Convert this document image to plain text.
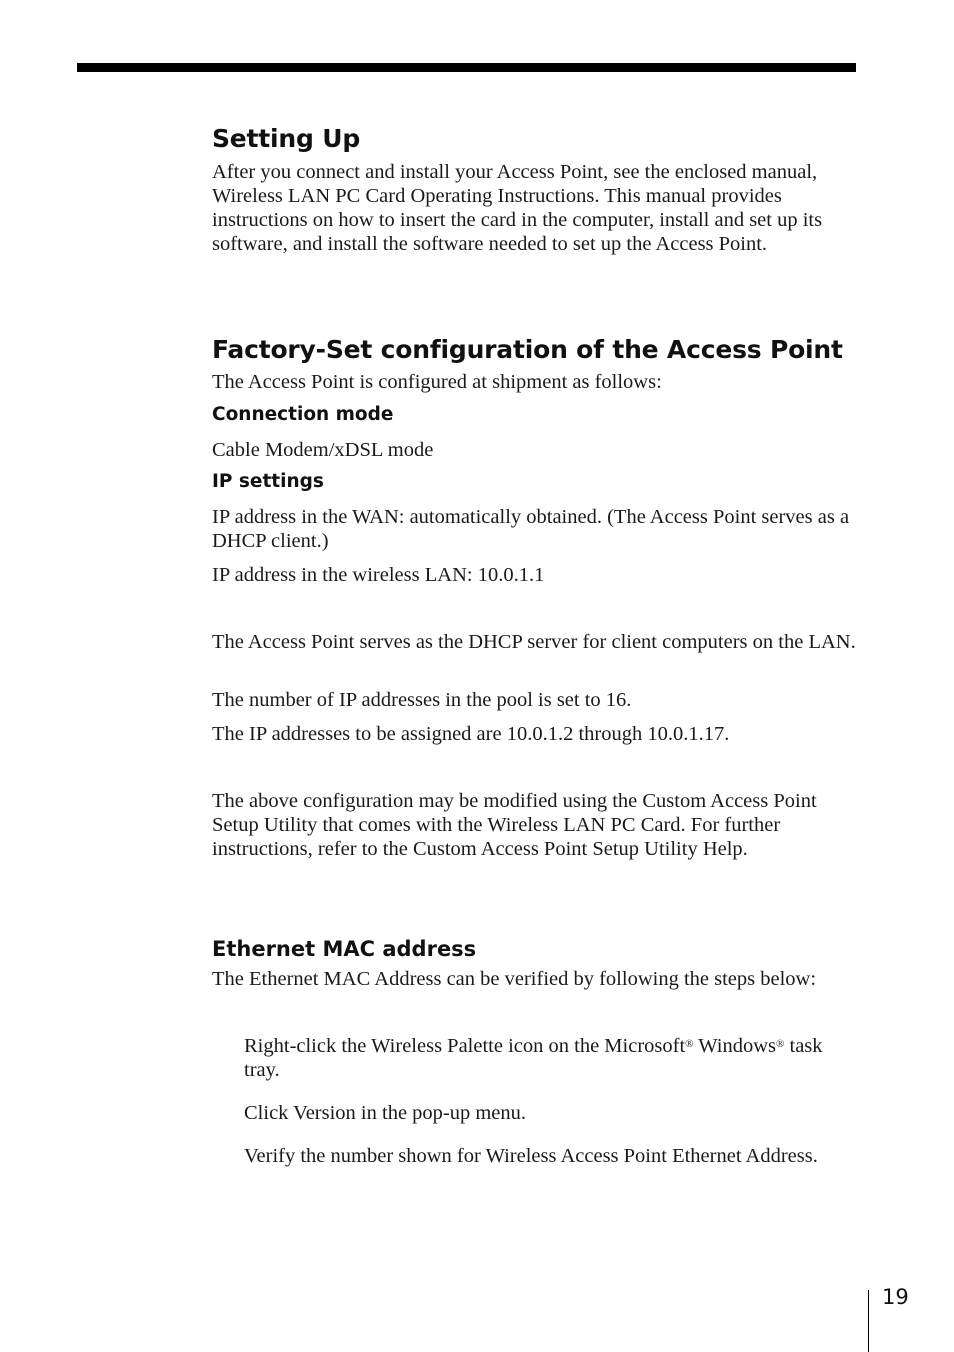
Setting Up

After you connect and install your Access Point, see the enclosed manual, Wireless LAN PC Card Operating Instructions. This manual provides instructions on how to insert the card in the computer, install and set up its software, and install the software needed to set up the Access Point.

Factory-Set configuration of the Access Point

The Access Point is configured at shipment as follows:

Connection mode

Cable Modem/xDSL mode

IP settings

IP address in the WAN: automatically obtained. (The Access Point serves as a DHCP client.)

IP address in the wireless LAN: 10.0.1.1

The Access Point serves as the DHCP server for client computers on the LAN.

The number of IP addresses in the pool is set to 16.

The IP addresses to be assigned are 10.0.1.2 through 10.0.1.17.

The above configuration may be modified using the Custom Access Point Setup Utility that comes with the Wireless LAN PC Card. For further instructions, refer to the Custom Access Point Setup Utility Help.

Ethernet MAC address

The Ethernet MAC Address can be verified by following the steps below:

Right-click the Wireless Palette icon on the Microsoft® Windows® task tray.

Click Version in the pop-up menu.

Verify the number shown for Wireless Access Point Ethernet Address.

19
